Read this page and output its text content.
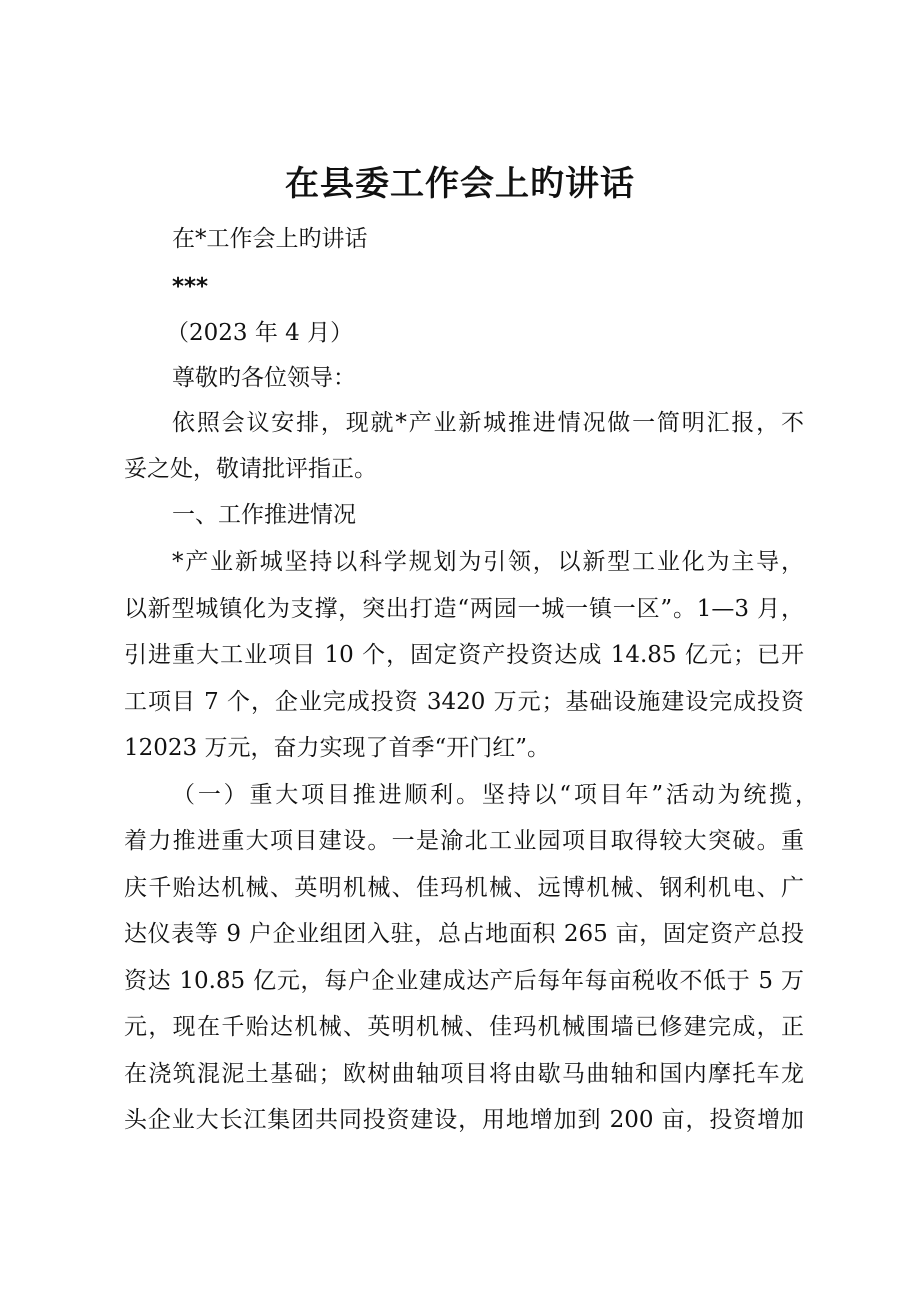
在县委工作会上旳讲话
在*工作会上旳讲话
***
（2023 年 4 月）
尊敬旳各位领导：
依照会议安排，现就*产业新城推进情况做一简明汇报，不
妥之处，敬请批评指正。
一、工作推进情况
*产业新城坚持以科学规划为引领，以新型工业化为主导，
以新型城镇化为支撑，突出打造“两园一城一镇一区”。1—3 月，
引进重大工业项目 10 个，固定资产投资达成 14.85 亿元；已开
工项目 7 个，企业完成投资 3420 万元；基础设施建设完成投资
12023 万元，奋力实现了首季“开门红”。
（一）重大项目推进顺利。坚持以“项目年”活动为统揽，
着力推进重大项目建设。一是渝北工业园项目取得较大突破。重
庆千贻达机械、英明机械、佳玛机械、远博机械、钢利机电、广
达仪表等 9 户企业组团入驻，总占地面积 265 亩，固定资产总投
资达 10.85 亿元，每户企业建成达产后每年每亩税收不低于 5 万
元，现在千贻达机械、英明机械、佳玛机械围墙已修建完成，正
在浇筑混泥土基础；欧树曲轴项目将由歇马曲轴和国内摩托车龙
头企业大长江集团共同投资建设，用地增加到 200 亩，投资增加
